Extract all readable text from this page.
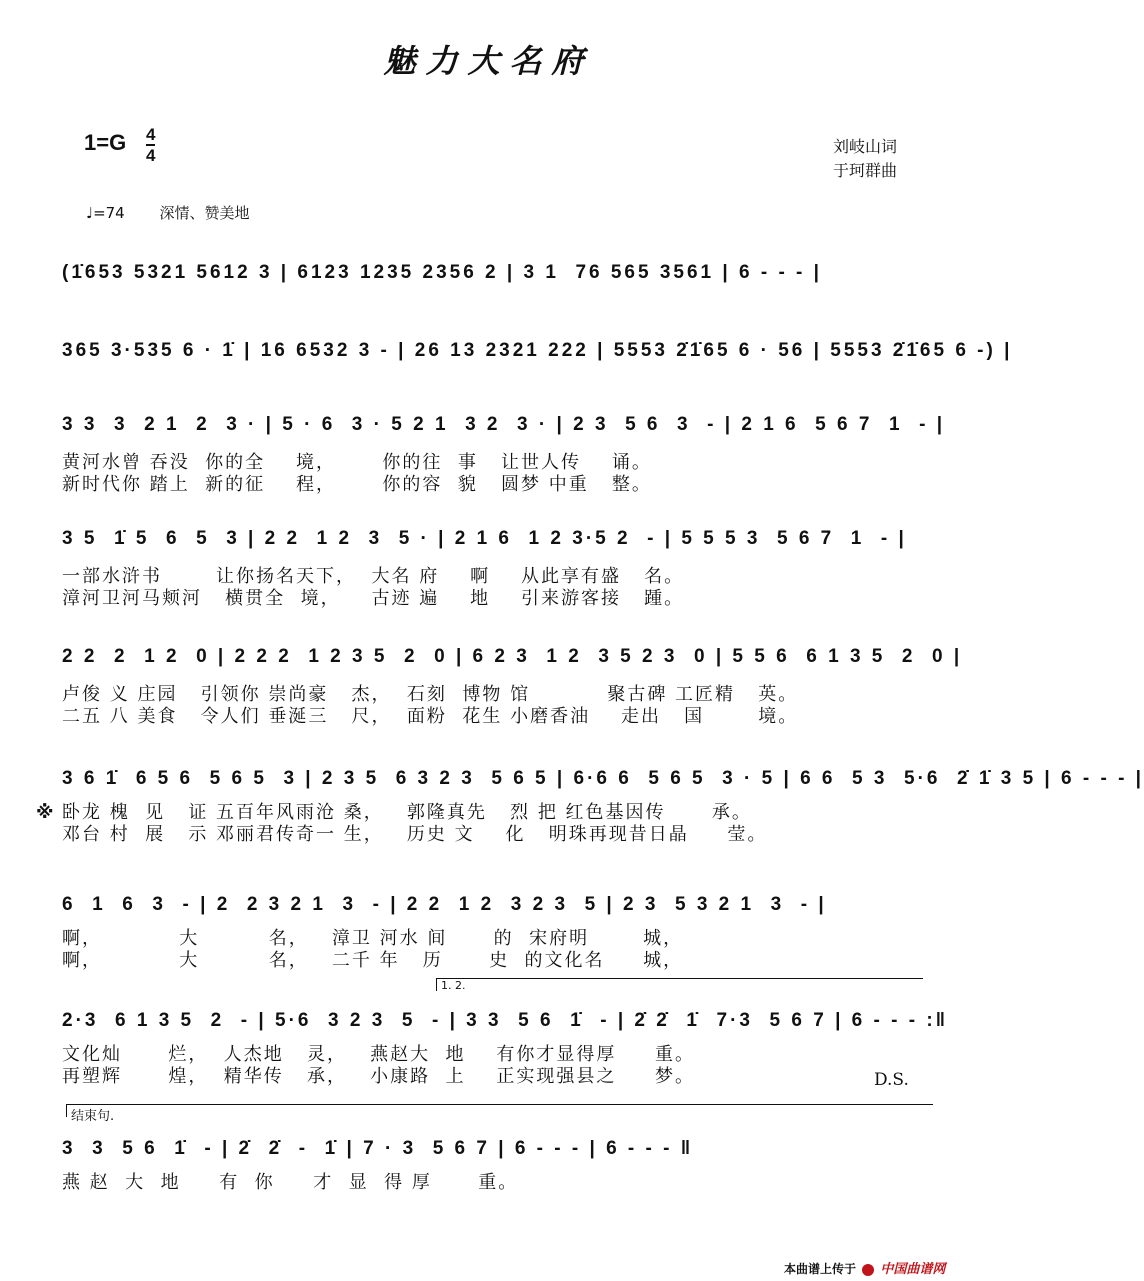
魅力大名府
1=G 4
4	刘岐山词
于珂群曲
♩=74 深情、赞美地
(1̇653 5321 5612 3 | 6123 1235 2356 2 | 3 1  76 565 3561 | 6 - - - |
365 3·535 6 · 1̇ | 16 6532 3 - | 26 13 2321 222 | 5553 2̇1̇65 6 · 56 | 5553 2̇1̇65 6 -) |
3 3  3  2 1  2  3 · | 5 · 6  3 · 5 2 1  3 2  3 · | 2 3  5 6  3  - | 2 1 6  5 6 7  1  - |
黄河水曾 吞没  你的全    境，      你的往  事   让世人传    诵。
新时代你 踏上  新的征    程，      你的容  貌   圆梦 中重   整。
3 5  1̇ 5  6  5  3 | 2 2  1 2  3  5 · | 2 1 6  1 2 3·5 2  - | 5 5 5 3  5 6 7  1  - |
一部水浒书       让你扬名天下，  大名 府    啊    从此享有盛   名。
漳河卫河马颊河   横贯全  境，    古迹 遍    地    引来游客接   踵。
2 2  2  1 2  0 | 2 2 2  1 2 3 5  2  0 | 6 2 3  1 2  3 5 2 3  0 | 5 5 6  6 1 3 5  2  0 |
卢俊 义 庄园   引领你 崇尚豪   杰，  石刻  博物 馆          聚古碑 工匠精   英。
二五 八 美食   令人们 垂涎三   尺，  面粉  花生 小磨香油    走出   国       境。
※
3 6 1̇  6 5 6  5 6 5  3 | 2 3 5  6 3 2 3  5 6 5 | 6·6 6  5 6 5  3 · 5 | 6 6  5 3  5·6  2̇ 1̇ 3 5 | 6 - - - |
卧龙 槐  见   证 五百年风雨沧 桑，   郭隆真先   烈 把 红色基因传      承。
邓台 村  展   示 邓丽君传奇一 生，   历史 文    化   明珠再现昔日晶     莹。
6  1  6  3  - | 2  2 3 2 1  3  - | 2 2  1 2  3 2 3  5 | 2 3  5 3 2 1  3  - |
啊，          大         名，   漳卫 河水 间      的  宋府明       城，
啊，          大         名，   二千 年   历      史  的文化名     城，
1. 2.
2·3  6 1 3 5  2  - | 5·6  3 2 3  5  - | 3 3  5 6  1̇  - | 2̇ 2̇  1̇  7·3  5 6 7 | 6 - - - :‖
文化灿      烂，  人杰地   灵，   燕赵大  地    有你才显得厚     重。
再塑辉      煌，  精华传   承，   小康路  上    正实现强县之     梦。	D.S.
结束句.
3  3  5 6  1̇  - | 2̇  2̇  -  1̇ | 7 · 3  5 6 7 | 6 - - - | 6 - - - ‖
燕 赵  大  地     有  你     才  显  得 厚      重。
本曲谱上传于 中国曲谱网
